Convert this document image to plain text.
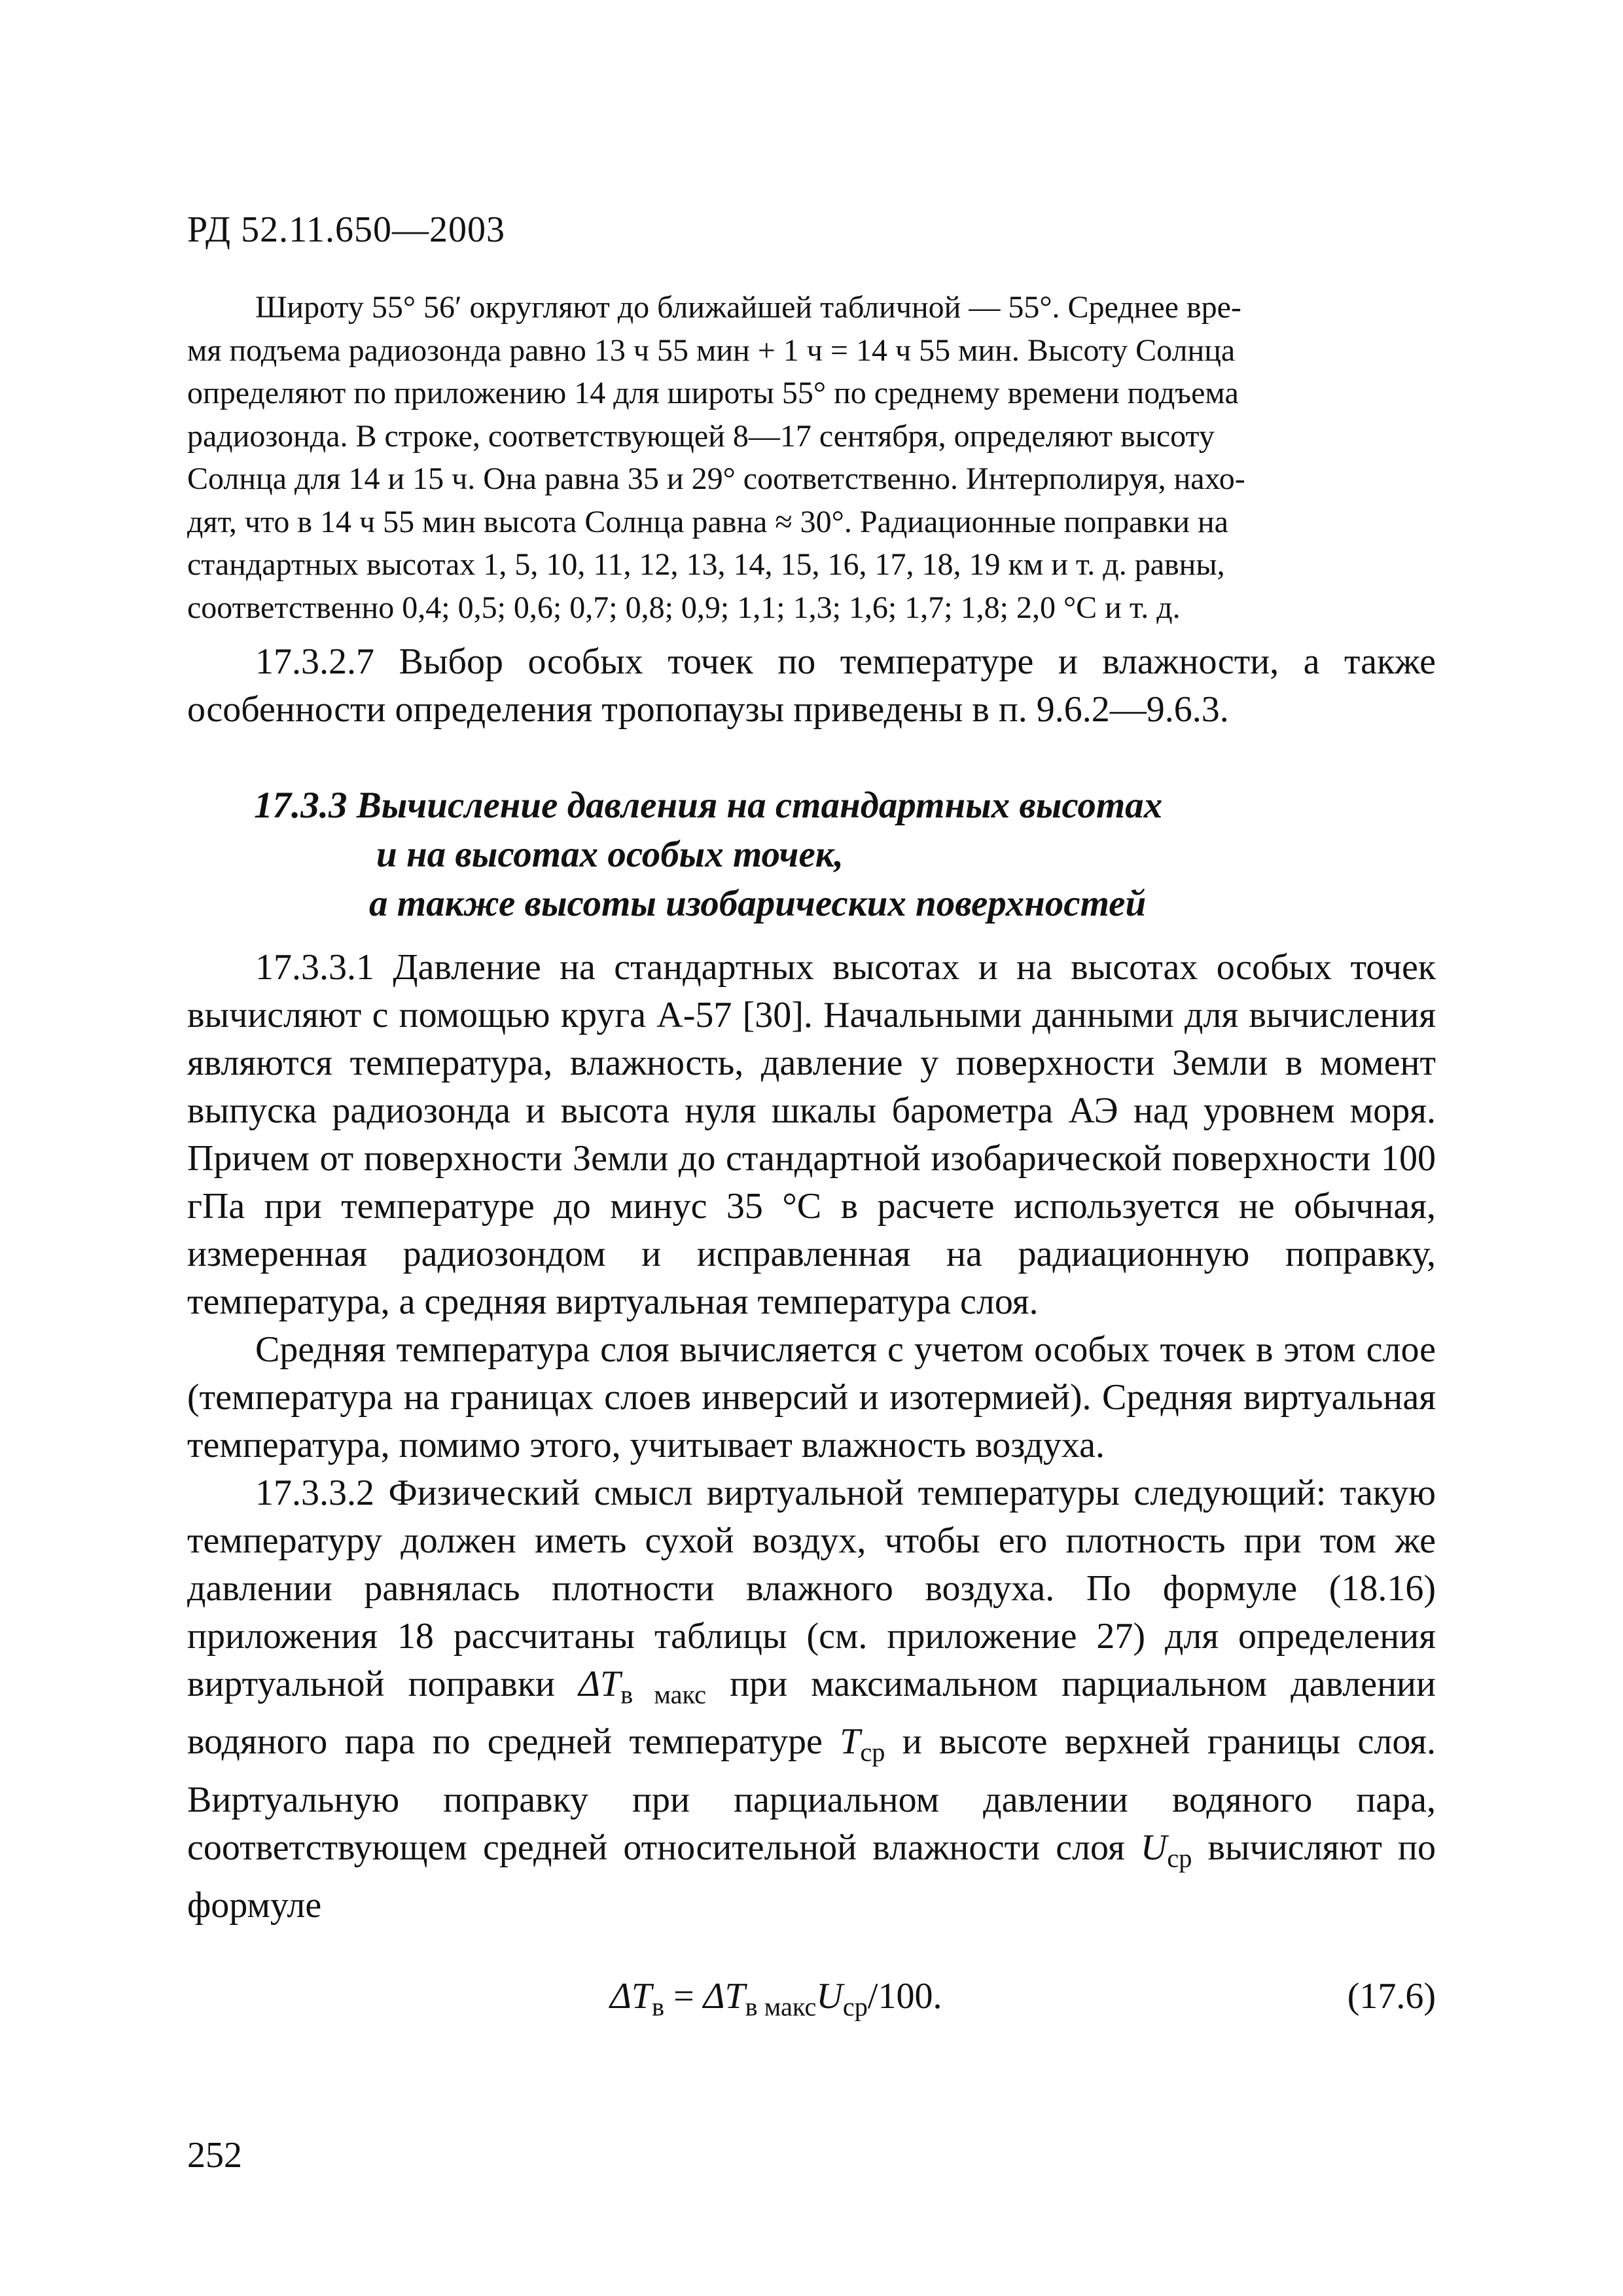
РД 52.11.650—2003
Широту 55° 56′ округляют до ближайшей табличной — 55°. Среднее вре-
мя подъема радиозонда равно 13 ч 55 мин + 1 ч = 14 ч 55 мин. Высоту Солнца
определяют по приложению 14 для широты 55° по среднему времени подъема
радиозонда. В строке, соответствующей 8—17 сентября, определяют высоту
Солнца для 14 и 15 ч. Она равна 35 и 29° соответственно. Интерполируя, нахо-
дят, что в 14 ч 55 мин высота Солнца равна ≈ 30°. Радиационные поправки на
стандартных высотах 1, 5, 10, 11, 12, 13, 14, 15, 16, 17, 18, 19 км и т. д. равны,
соответственно 0,4; 0,5; 0,6; 0,7; 0,8; 0,9; 1,1; 1,3; 1,6; 1,7; 1,8; 2,0 °С и т. д.

17.3.2.7 Выбор особых точек по температуре и влажности, а также особенности определения тропопаузы приведены в п. 9.6.2—9.6.3.

17.3.3 Вычисление давления на стандартных высотах
и на высотах особых точек,
а также высоты изобарических поверхностей

17.3.3.1 Давление на стандартных высотах и на высотах особых точек вычисляют с помощью круга А-57 [30]. Начальными данными для вычисления являются температура, влажность, давление у поверхности Земли в момент выпуска радиозонда и высота нуля шкалы барометра АЭ над уровнем моря. Причем от поверхности Земли до стандартной изобарической поверхности 100 гПа при температуре до минус 35 °С в расчете используется не обычная, измеренная радиозондом и исправленная на радиационную поправку, температура, а средняя виртуальная температура слоя.

Средняя температура слоя вычисляется с учетом особых точек в этом слое (температура на границах слоев инверсий и изотермией). Средняя виртуальная температура, помимо этого, учитывает влажность воздуха.

17.3.3.2 Физический смысл виртуальной температуры следующий: такую температуру должен иметь сухой воздух, чтобы его плотность при том же давлении равнялась плотности влажного воздуха. По формуле (18.16) приложения 18 рассчитаны таблицы (см. приложение 27) для определения виртуальной поправки $\Delta T_{в макс}$ при максимальном парциальном давлении водяного пара по средней температуре $T_{ср}$ и высоте верхней границы слоя. Виртуальную поправку при парциальном давлении водяного пара, соответствующем средней относительной влажности слоя $U_{ср}$ вычисляют по формуле

$\Delta T_в = \Delta T_{в макс}U_{ср}/100$.	(17.6)
252
